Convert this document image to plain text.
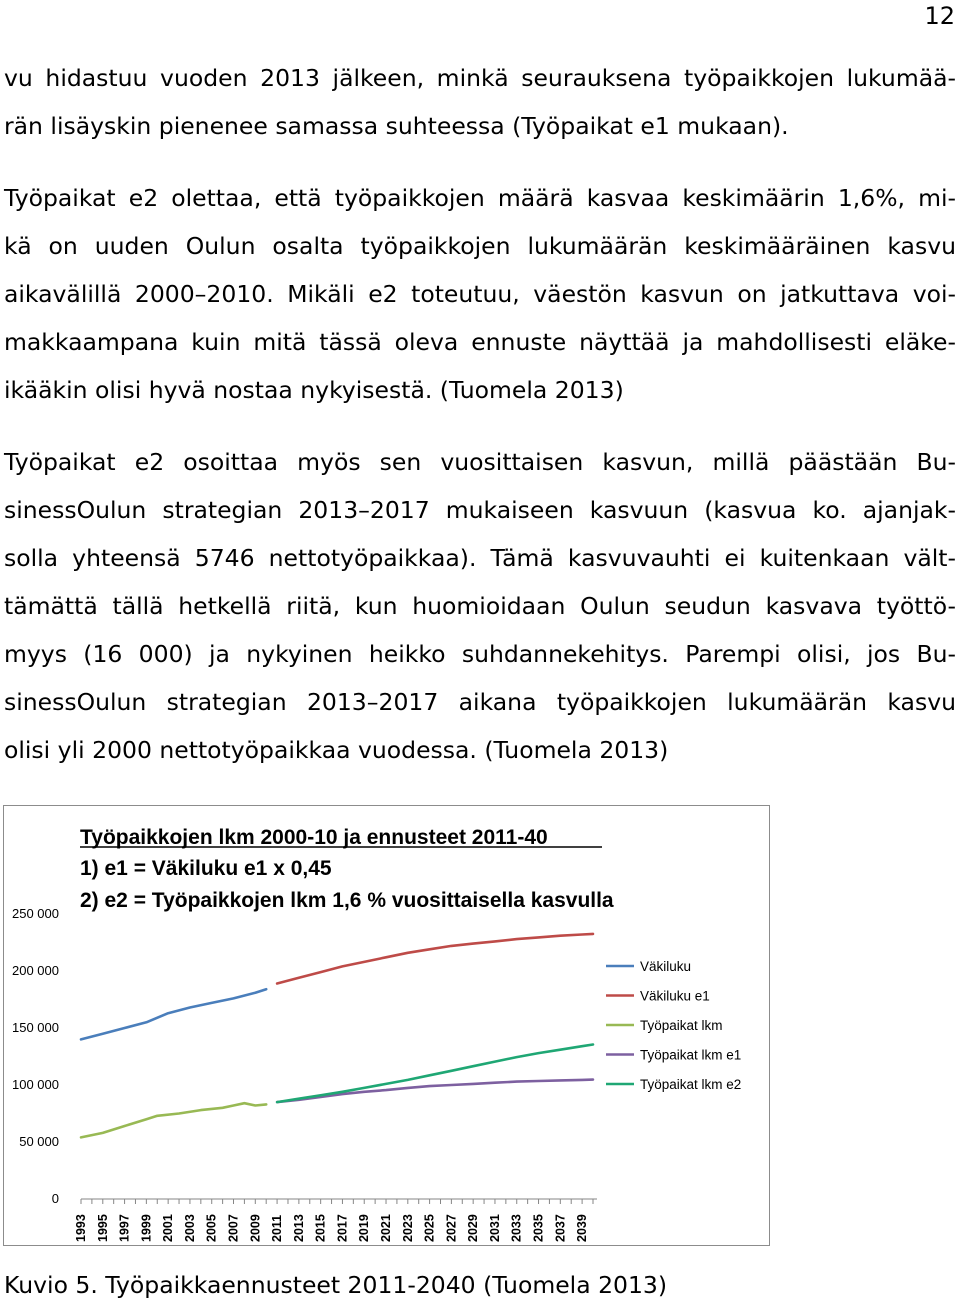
12
vu hidastuu vuoden 2013 jälkeen, minkä seurauksena työpaikkojen lukumää-
rän lisäyskin pienenee samassa suhteessa (Työpaikat e1 mukaan).
Työpaikat e2 olettaa, että työpaikkojen määrä kasvaa keskimäärin 1,6%, mi-
kä on uuden Oulun osalta työpaikkojen lukumäärän keskimääräinen kasvu
aikavälillä 2000–2010. Mikäli e2 toteutuu, väestön kasvun on jatkuttava voi-
makkaampana kuin mitä tässä oleva ennuste näyttää ja mahdollisesti eläke-
ikääkin olisi hyvä nostaa nykyisestä. (Tuomela 2013)
Työpaikat e2 osoittaa myös sen vuosittaisen kasvun, millä päästään Bu-
sinessOulun strategian 2013–2017 mukaiseen kasvuun (kasvua ko. ajanjak-
solla yhteensä 5746 nettotyöpaikkaa). Tämä kasvuvauhti ei kuitenkaan vält-
tämättä tällä hetkellä riitä, kun huomioidaan Oulun seudun kasvava työttö-
myys (16 000) ja nykyinen heikko suhdannekehitys. Parempi olisi, jos Bu-
sinessOulun strategian 2013–2017 aikana työpaikkojen lukumäärän kasvu
olisi yli 2000 nettotyöpaikkaa vuodessa. (Tuomela 2013)
Työpaikkojen lkm 2000-10 ja ennusteet 2011-40
1) e1 = Väkiluku e1 x 0,45
2) e2 = Työpaikkojen lkm 1,6 % vuosittaisella kasvulla
0
50 000
100 000
150 000
200 000
250 000
1993 1995 1997 1999 2001 2003 2005 2007 2009 2011 2013 2015 2017 2019 2021 2023 2025 2027 2029 2031 2033 2035 2037 2039
Väkiluku
Väkiluku e1
Työpaikat lkm
Työpaikat lkm e1
Työpaikat lkm e2

Kuvio 5. Työpaikkaennusteet 2011-2040 (Tuomela 2013)
